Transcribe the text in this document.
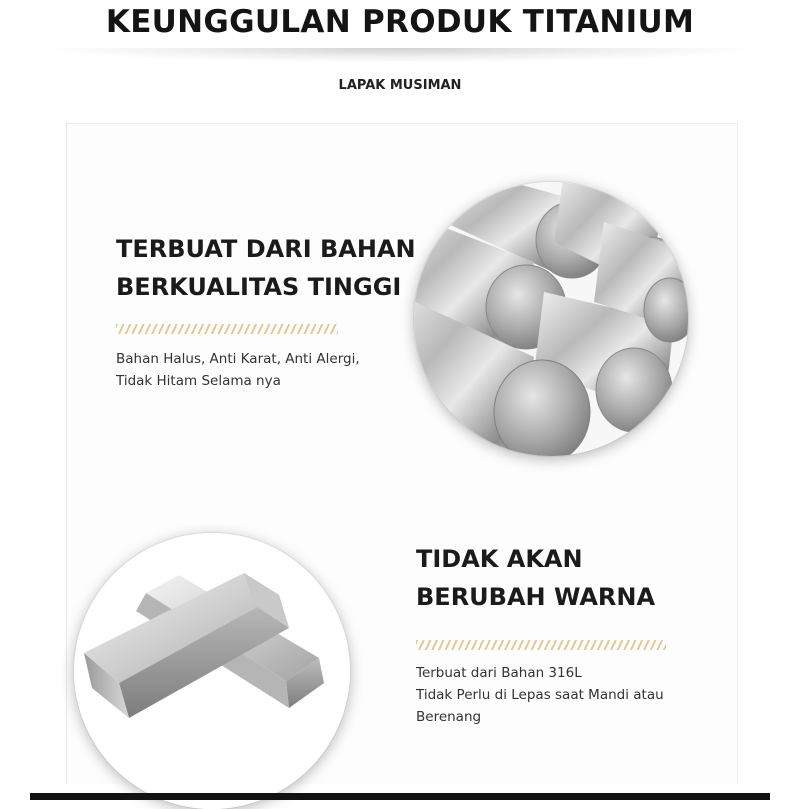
KEUNGGULAN PRODUK TITANIUM
LAPAK MUSIMAN
TERBUAT DARI BAHAN
BERKUALITAS TINGGI
Bahan Halus, Anti Karat, Anti Alergi,
Tidak Hitam Selama nya
TIDAK AKAN
BERUBAH WARNA
Terbuat dari Bahan 316L
Tidak Perlu di Lepas saat Mandi atau
Berenang
